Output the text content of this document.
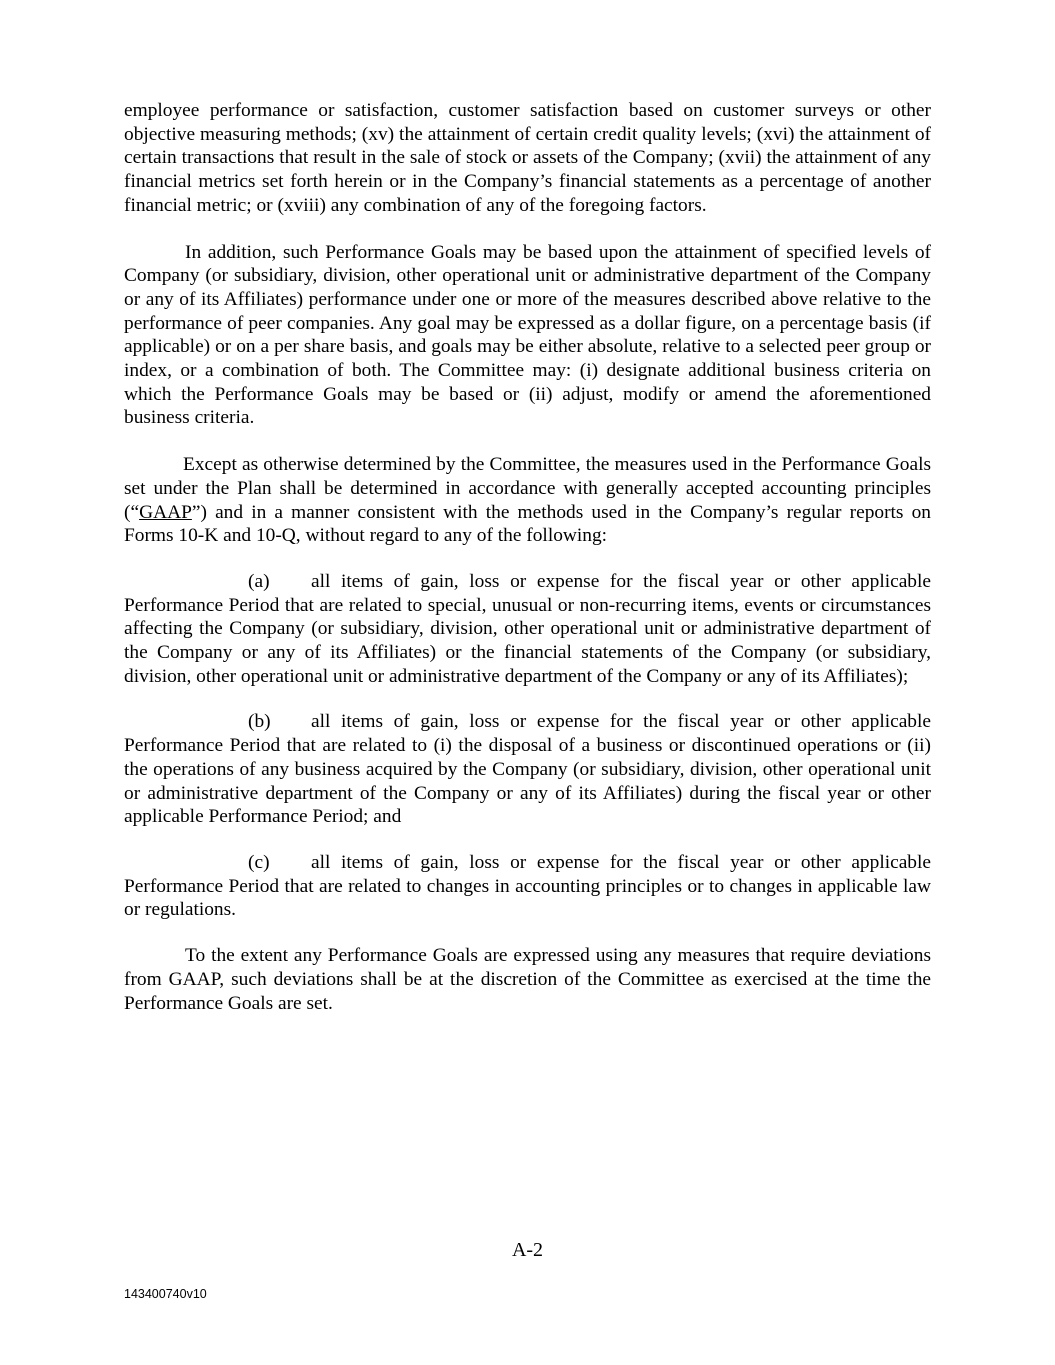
employee performance or satisfaction, customer satisfaction based on customer surveys or other objective measuring methods; (xv) the attainment of certain credit quality levels; (xvi) the attainment of certain transactions that result in the sale of stock or assets of the Company; (xvii) the attainment of any financial metrics set forth herein or in the Company’s financial statements as a percentage of another financial metric; or (xviii) any combination of any of the foregoing factors.

In addition, such Performance Goals may be based upon the attainment of specified levels of Company (or subsidiary, division, other operational unit or administrative department of the Company or any of its Affiliates) performance under one or more of the measures described above relative to the performance of peer companies. Any goal may be expressed as a dollar figure, on a percentage basis (if applicable) or on a per share basis, and goals may be either absolute, relative to a selected peer group or index, or a combination of both. The Committee may: (i) designate additional business criteria on which the Performance Goals may be based or (ii) adjust, modify or amend the aforementioned business criteria.

Except as otherwise determined by the Committee, the measures used in the Performance Goals set under the Plan shall be determined in accordance with generally accepted accounting principles (“GAAP”) and in a manner consistent with the methods used in the Company’s regular reports on Forms 10-K and 10-Q, without regard to any of the following:

(a) all items of gain, loss or expense for the fiscal year or other applicable Performance Period that are related to special, unusual or non-recurring items, events or circumstances affecting the Company (or subsidiary, division, other operational unit or administrative department of the Company or any of its Affiliates) or the financial statements of the Company (or subsidiary, division, other operational unit or administrative department of the Company or any of its Affiliates);

(b) all items of gain, loss or expense for the fiscal year or other applicable Performance Period that are related to (i) the disposal of a business or discontinued operations or (ii) the operations of any business acquired by the Company (or subsidiary, division, other operational unit or administrative department of the Company or any of its Affiliates) during the fiscal year or other applicable Performance Period; and

(c) all items of gain, loss or expense for the fiscal year or other applicable Performance Period that are related to changes in accounting principles or to changes in applicable law or regulations.

To the extent any Performance Goals are expressed using any measures that require deviations from GAAP, such deviations shall be at the discretion of the Committee as exercised at the time the Performance Goals are set.

A-2
143400740v10
